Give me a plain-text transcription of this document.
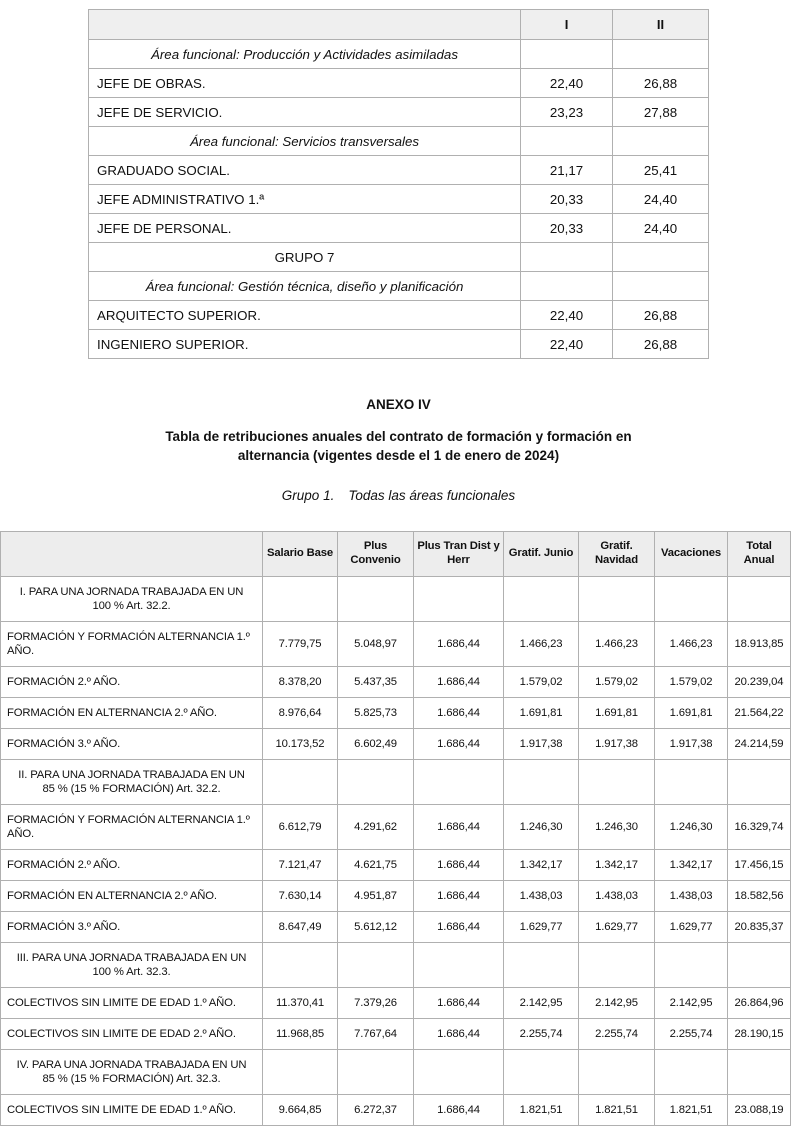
	I	II
Área funcional: Producción y Actividades asimiladas		
JEFE DE OBRAS.	22,40	26,88
JEFE DE SERVICIO.	23,23	27,88
Área funcional: Servicios transversales		
GRADUADO SOCIAL.	21,17	25,41
JEFE ADMINISTRATIVO 1.ª	20,33	24,40
JEFE DE PERSONAL.	20,33	24,40
GRUPO 7		
Área funcional: Gestión técnica, diseño y planificación		
ARQUITECTO SUPERIOR.	22,40	26,88
INGENIERO SUPERIOR.	22,40	26,88
ANEXO IV
Tabla de retribuciones anuales del contrato de formación y formación en
alternancia (vigentes desde el 1 de enero de 2024)
Grupo 1. Todas las áreas funcionales
	Salario Base	Plus Convenio	Plus Tran Dist y Herr	Gratif. Junio	Gratif. Navidad	Vacaciones	Total Anual
I. PARA UNA JORNADA TRABAJADA EN UN 100 % Art. 32.2.							
FORMACIÓN Y FORMACIÓN ALTERNANCIA 1.º AÑO.	7.779,75	5.048,97	1.686,44	1.466,23	1.466,23	1.466,23	18.913,85
FORMACIÓN 2.º AÑO.	8.378,20	5.437,35	1.686,44	1.579,02	1.579,02	1.579,02	20.239,04
FORMACIÓN EN ALTERNANCIA 2.º AÑO.	8.976,64	5.825,73	1.686,44	1.691,81	1.691,81	1.691,81	21.564,22
FORMACIÓN 3.º AÑO.	10.173,52	6.602,49	1.686,44	1.917,38	1.917,38	1.917,38	24.214,59
II. PARA UNA JORNADA TRABAJADA EN UN 85 % (15 % FORMACIÓN) Art. 32.2.							
FORMACIÓN Y FORMACIÓN ALTERNANCIA 1.º AÑO.	6.612,79	4.291,62	1.686,44	1.246,30	1.246,30	1.246,30	16.329,74
FORMACIÓN 2.º AÑO.	7.121,47	4.621,75	1.686,44	1.342,17	1.342,17	1.342,17	17.456,15
FORMACIÓN EN ALTERNANCIA 2.º AÑO.	7.630,14	4.951,87	1.686,44	1.438,03	1.438,03	1.438,03	18.582,56
FORMACIÓN 3.º AÑO.	8.647,49	5.612,12	1.686,44	1.629,77	1.629,77	1.629,77	20.835,37
III. PARA UNA JORNADA TRABAJADA EN UN 100 % Art. 32.3.							
COLECTIVOS SIN LIMITE DE EDAD 1.º AÑO.	11.370,41	7.379,26	1.686,44	2.142,95	2.142,95	2.142,95	26.864,96
COLECTIVOS SIN LIMITE DE EDAD 2.º AÑO.	11.968,85	7.767,64	1.686,44	2.255,74	2.255,74	2.255,74	28.190,15
IV. PARA UNA JORNADA TRABAJADA EN UN 85 % (15 % FORMACIÓN) Art. 32.3.							
COLECTIVOS SIN LIMITE DE EDAD 1.º AÑO.	9.664,85	6.272,37	1.686,44	1.821,51	1.821,51	1.821,51	23.088,19
